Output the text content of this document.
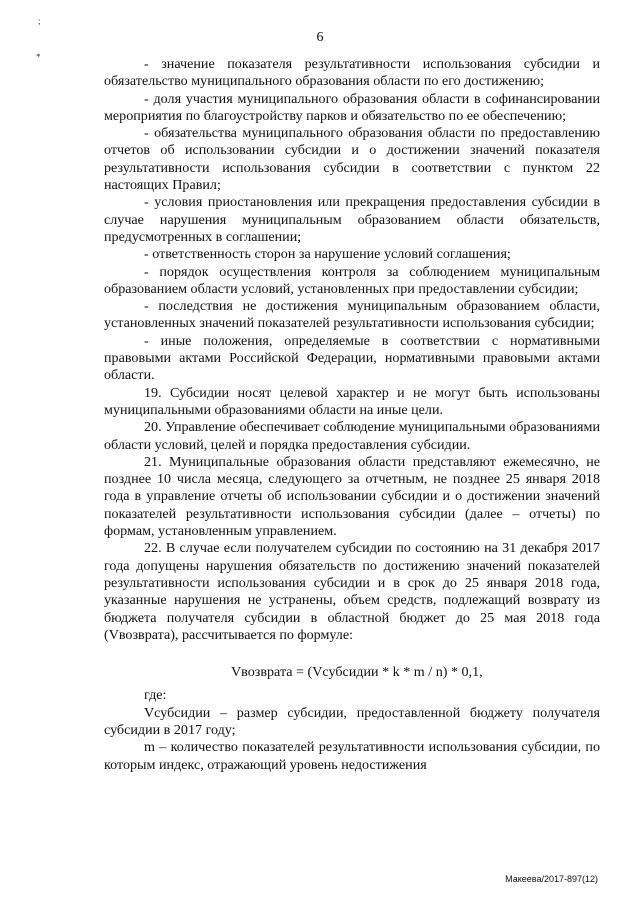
6
;
*	- значение показателя результативности использования субсидии и обязательство муниципального образования области по его достижению;

- доля участия муниципального образования области в софинансировании мероприятия по благоустройству парков и обязательство по ее обеспечению;

- обязательства муниципального образования области по предоставлению отчетов об использовании субсидии и о достижении значений показателя результативности использования субсидии в соответствии с пунктом 22 настоящих Правил;

- условия приостановления или прекращения предоставления субсидии в случае нарушения муниципальным образованием области обязательств, предусмотренных в соглашении;

- ответственность сторон за нарушение условий соглашения;

- порядок осуществления контроля за соблюдением муниципальным образованием области условий, установленных при предоставлении субсидии;

- последствия не достижения муниципальным образованием области, установленных значений показателей результативности использования субсидии;

- иные положения, определяемые в соответствии с нормативными правовыми актами Российской Федерации, нормативными правовыми актами области.

19. Субсидии носят целевой характер и не могут быть использованы муниципальными образованиями области на иные цели.

20. Управление обеспечивает соблюдение муниципальными образованиями области условий, целей и порядка предоставления субсидии.

21. Муниципальные образования области представляют ежемесячно, не позднее 10 числа месяца, следующего за отчетным, не позднее 25 января 2018 года в управление отчеты об использовании субсидии и о достижении значений показателей результативности использования субсидии (далее – отчеты) по формам, установленным управлением.

22. В случае если получателем субсидии по состоянию на 31 декабря 2017 года допущены нарушения обязательств по достижению значений показателей результативности использования субсидии и в срок до 25 января 2018 года, указанные нарушения не устранены, объем средств, подлежащий возврату из бюджета получателя субсидии в областной бюджет до 25 мая 2018 года (Vвозврата), рассчитывается по формуле:

Vвозврата = (Vсубсидии * k * m / n) * 0,1,

где:

Vсубсидии – размер субсидии, предоставленной бюджету получателя субсидии в 2017 году;

m – количество показателей результативности использования субсидии, по которым индекс, отражающий уровень недостижения

Макеева/2017-897(12)
